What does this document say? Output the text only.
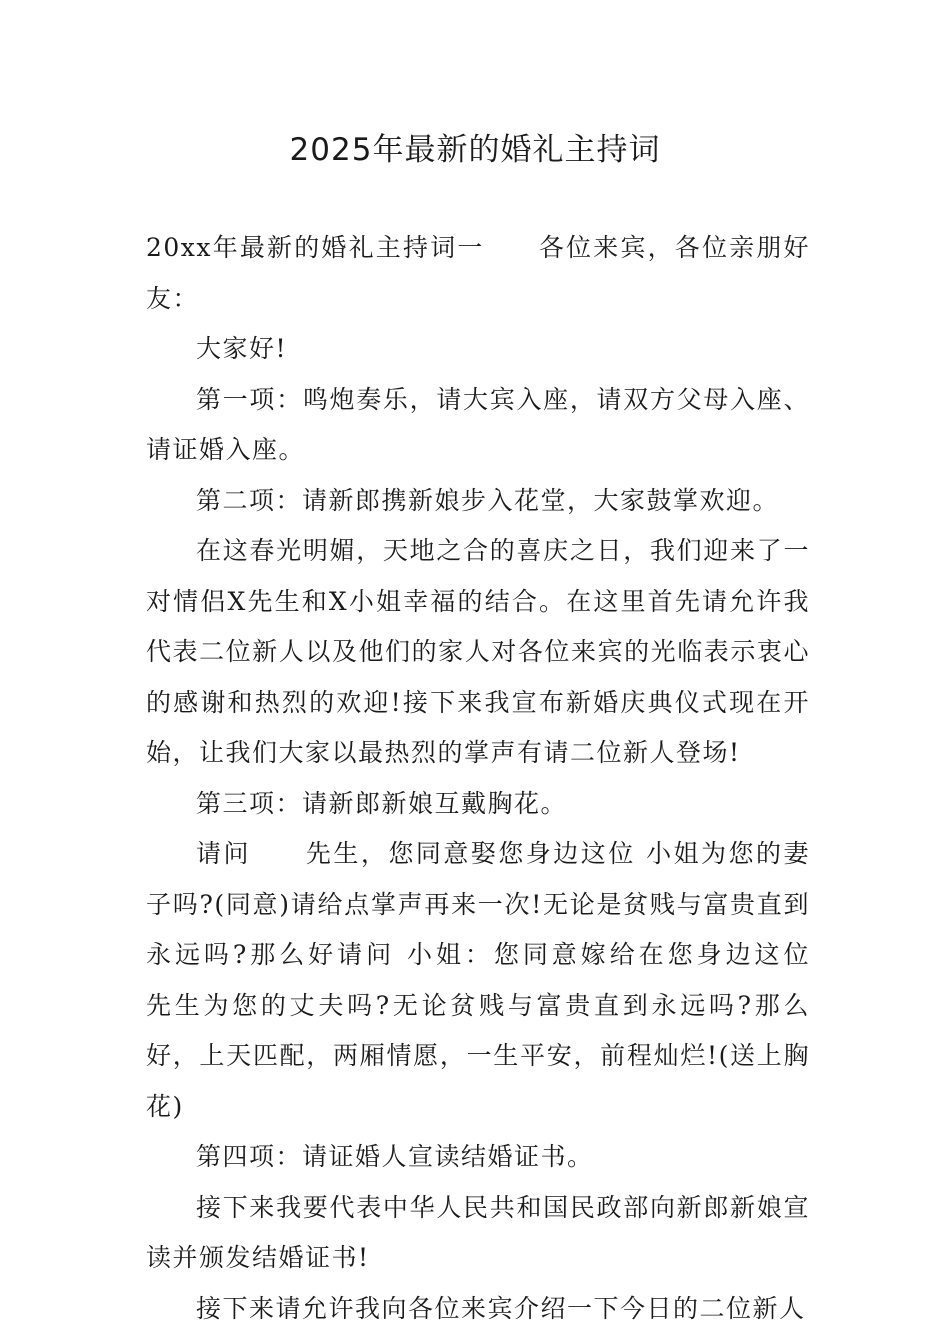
2025年最新的婚礼主持词

20xx年最新的婚礼主持词一　　各位来宾，各位亲朋好友：

大家好!

第一项：鸣炮奏乐，请大宾入座，请双方父母入座、请证婚入座。

第二项：请新郎携新娘步入花堂，大家鼓掌欢迎。

在这春光明媚，天地之合的喜庆之日，我们迎来了一对情侣X先生和X小姐幸福的结合。在这里首先请允许我代表二位新人以及他们的家人对各位来宾的光临表示衷心的感谢和热烈的欢迎!接下来我宣布新婚庆典仪式现在开始，让我们大家以最热烈的掌声有请二位新人登场!

第三项：请新郎新娘互戴胸花。

请问　　先生，您同意娶您身边这位 小姐为您的妻子吗?(同意)请给点掌声再来一次!无论是贫贱与富贵直到永远吗?那么好请问 小姐：您同意嫁给在您身边这位　　先生为您的丈夫吗?无论贫贱与富贵直到永远吗?那么好，上天匹配，两厢情愿，一生平安，前程灿烂!(送上胸花)

第四项：请证婚人宣读结婚证书。

接下来我要代表中华人民共和国民政部向新郎新娘宣读并颁发结婚证书!

接下来请允许我向各位来宾介绍一下今日的二位新人
